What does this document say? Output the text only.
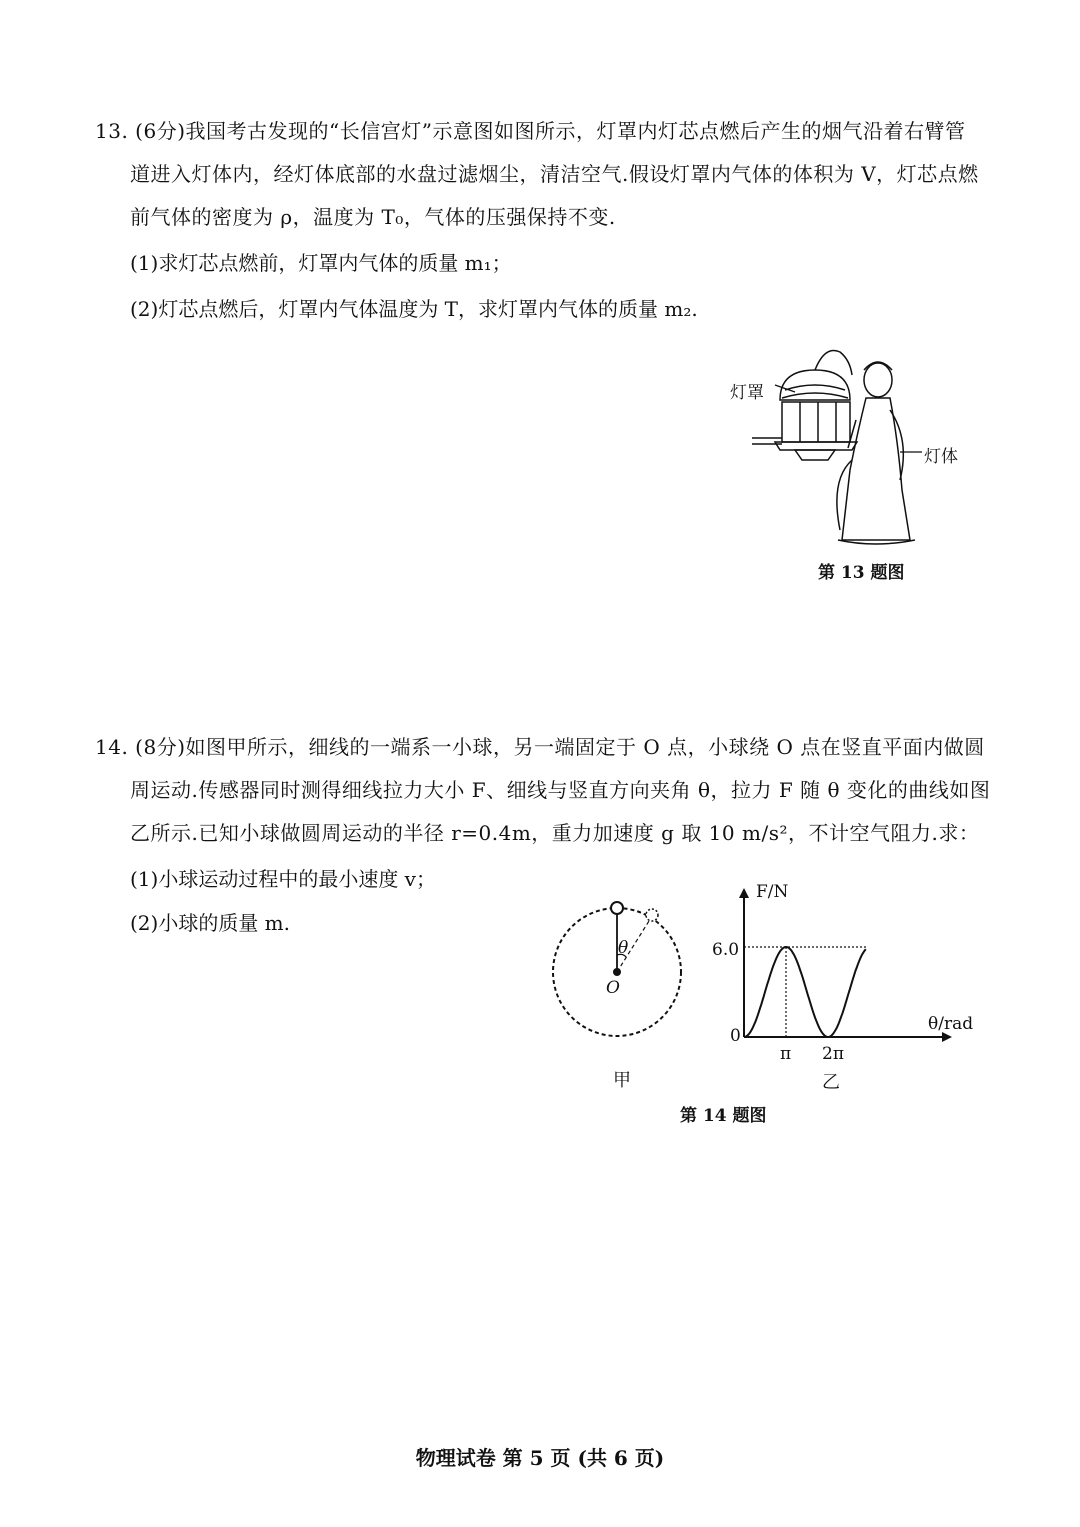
13. (6分)我国考古发现的“长信宫灯”示意图如图所示，灯罩内灯芯点燃后产生的烟气沿着右臂管
道进入灯体内，经灯体底部的水盘过滤烟尘，清洁空气.假设灯罩内气体的体积为 V，灯芯点燃
前气体的密度为 ρ，温度为 T₀，气体的压强保持不变.
(1)求灯芯点燃前，灯罩内气体的质量 m₁；
(2)灯芯点燃后，灯罩内气体温度为 T，求灯罩内气体的质量 m₂.
灯罩
灯体
第 13 题图
14. (8分)如图甲所示，细线的一端系一小球，另一端固定于 O 点，小球绕 O 点在竖直平面内做圆
周运动.传感器同时测得细线拉力大小 F、细线与竖直方向夹角 θ，拉力 F 随 θ 变化的曲线如图
乙所示.已知小球做圆周运动的半径 r=0.4m，重力加速度 g 取 10 m/s²，不计空气阻力.求：
(1)小球运动过程中的最小速度 v；
(2)小球的质量 m.
θ
O
甲
F/N
6.0
0
π 2π
θ/rad
乙
第 14 题图
物理试卷 第 5 页 (共 6 页)
